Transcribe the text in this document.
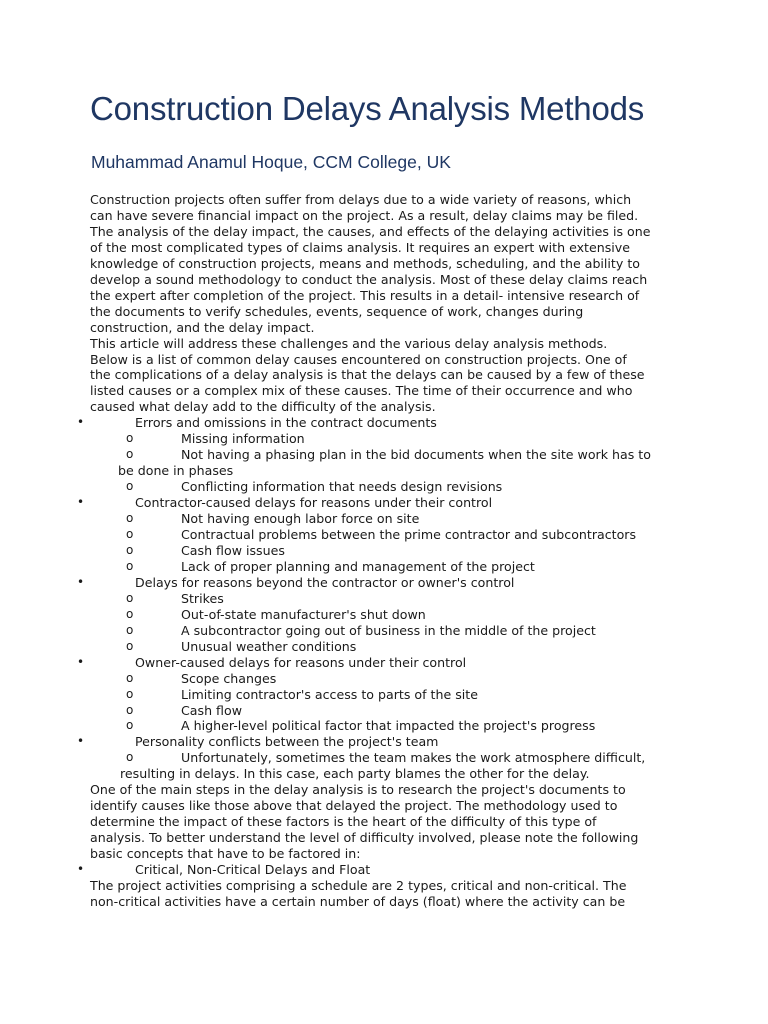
Construction Delays Analysis Methods
Muhammad Anamul Hoque, CCM College, UK
Construction projects often suffer from delays due to a wide variety of reasons, which
can have severe financial impact on the project. As a result, delay claims may be filed.
The analysis of the delay impact, the causes, and effects of the delaying activities is one
of the most complicated types of claims analysis. It requires an expert with extensive
knowledge of construction projects, means and methods, scheduling, and the ability to
develop a sound methodology to conduct the analysis. Most of these delay claims reach
the expert after completion of the project. This results in a detail- intensive research of
the documents to verify schedules, events, sequence of work, changes during
construction, and the delay impact.
This article will address these challenges and the various delay analysis methods.
Below is a list of common delay causes encountered on construction projects. One of
the complications of a delay analysis is that the delays can be caused by a few of these
listed causes or a complex mix of these causes. The time of their occurrence and who
caused what delay add to the difficulty of the analysis.
•	Errors and omissions in the contract documents
o	Missing information
o	Not having a phasing plan in the bid documents when the site work has to
be done in phases
o	Conflicting information that needs design revisions
•	Contractor-caused delays for reasons under their control
o	Not having enough labor force on site
o	Contractual problems between the prime contractor and subcontractors
o	Cash flow issues
o	Lack of proper planning and management of the project
•	Delays for reasons beyond the contractor or owner's control
o	Strikes
o	Out-of-state manufacturer's shut down
o	A subcontractor going out of business in the middle of the project
o	Unusual weather conditions
•	Owner-caused delays for reasons under their control
o	Scope changes
o	Limiting contractor's access to parts of the site
o	Cash flow
o	A higher-level political factor that impacted the project's progress
•	Personality conflicts between the project's team
o	Unfortunately, sometimes the team makes the work atmosphere difficult,
resulting in delays. In this case, each party blames the other for the delay.
One of the main steps in the delay analysis is to research the project's documents to
identify causes like those above that delayed the project. The methodology used to
determine the impact of these factors is the heart of the difficulty of this type of
analysis. To better understand the level of difficulty involved, please note the following
basic concepts that have to be factored in:
•	Critical, Non-Critical Delays and Float
The project activities comprising a schedule are 2 types, critical and non-critical. The
non-critical activities have a certain number of days (float) where the activity can be
